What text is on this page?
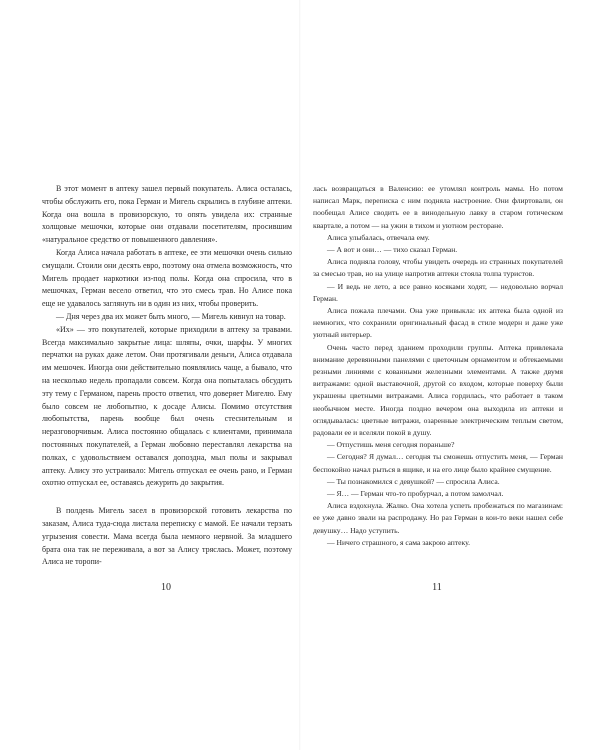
В этот момент в аптеку зашел первый покупатель. Алиса осталась, чтобы обслужить его, пока Герман и Мигель скрылись в глубине аптеки. Когда она вошла в провизорскую, то опять увидела их: странные холщовые мешочки, которые они отдавали посетителям, просившим «натуральное средство от повышенного давления».

Когда Алиса начала работать в аптеке, ее эти мешочки очень сильно смущали. Стоили они десять евро, поэтому она отмела возможность, что Мигель продает наркотики из-под полы. Когда она спросила, что в мешочках, Герман весело ответил, что это смесь трав. Но Алисе пока еще не удавалось заглянуть ни в один из них, чтобы проверить.

— Дня через два их может быть много, — Мигель кивнул на товар.

«Их» — это покупателей, которые приходили в аптеку за травами. Всегда максимально закрытые лица: шляпы, очки, шарфы. У многих перчатки на руках даже летом. Они протягивали деньги, Алиса отдавала им мешочек. Иногда они действительно появлялись чаще, а бывало, что на несколько недель пропадали совсем. Когда она попыталась обсудить эту тему с Германом, парень просто ответил, что доверяет Мигелю. Ему было совсем не любопытно, к досаде Алисы. Помимо отсутствия любопытства, парень вообще был очень стеснительным и неразговорчивым. Алиса постоянно общалась с клиентами, принимала постоянных покупателей, а Герман любовно переставлял лекарства на полках, с удовольствием оставался допоздна, мыл полы и закрывал аптеку. Алису это устраивало: Мигель отпускал ее очень рано, и Герман охотно отпускал ее, оставаясь дежурить до закрытия.

В полдень Мигель засел в провизорской готовить лекарства по заказам, Алиса туда-сюда листала переписку с мамой. Ее начали терзать угрызения совести. Мама всегда была немного нервной. За младшего брата она так не переживала, а вот за Алису тряслась. Может, поэтому Алиса не торопи-

10

лась возвращаться в Валенсию: ее утомлял контроль мамы. Но потом написал Марк, переписка с ним подняла настроение. Они флиртовали, он пообещал Алисе сводить ее в винодельную лавку в старом готическом квартале, а потом — на ужин в тихом и уютном ресторане.

Алиса улыбалась, отвечала ему.

— А вот и они… — тихо сказал Герман.

Алиса подняла голову, чтобы увидеть очередь из странных покупателей за смесью трав, но на улице напротив аптеки стояла толпа туристов.

— И ведь не лето, а все равно косяками ходят, — недовольно ворчал Герман.

Алиса пожала плечами. Она уже привыкла: их аптека была одной из немногих, что сохранили оригинальный фасад в стиле модерн и даже уже уютный интерьер.

Очень часто перед зданием проходили группы. Аптека привлекала внимание деревянными панелями с цветочным орнаментом и обтекаемыми резными линиями с кованными железными элементами. А также двумя витражами: одной выставочной, другой со входом, которые поверху были украшены цветными витражами. Алиса гордилась, что работает в таком необычном месте. Иногда поздно вечером она выходила из аптеки и оглядывалась: цветные витражи, озаренные электрическим теплым светом, радовали ее и вселяли покой в душу.

— Отпустишь меня сегодня пораньше?

— Сегодня? Я думал… сегодня ты сможешь отпустить меня, — Герман беспокойно начал рыться в ящике, и на его лице было крайнее смущение.

— Ты познакомился с девушкой? — спросила Алиса.

— Я… — Герман что-то пробурчал, а потом замолчал.

Алиса вздохнула. Жалко. Она хотела успеть пробежаться по магазинам: ее уже давно звали на распродажу. Но раз Герман в кои-то веки нашел себе девушку… Надо уступить.

— Ничего страшного, я сама закрою аптеку.

11
